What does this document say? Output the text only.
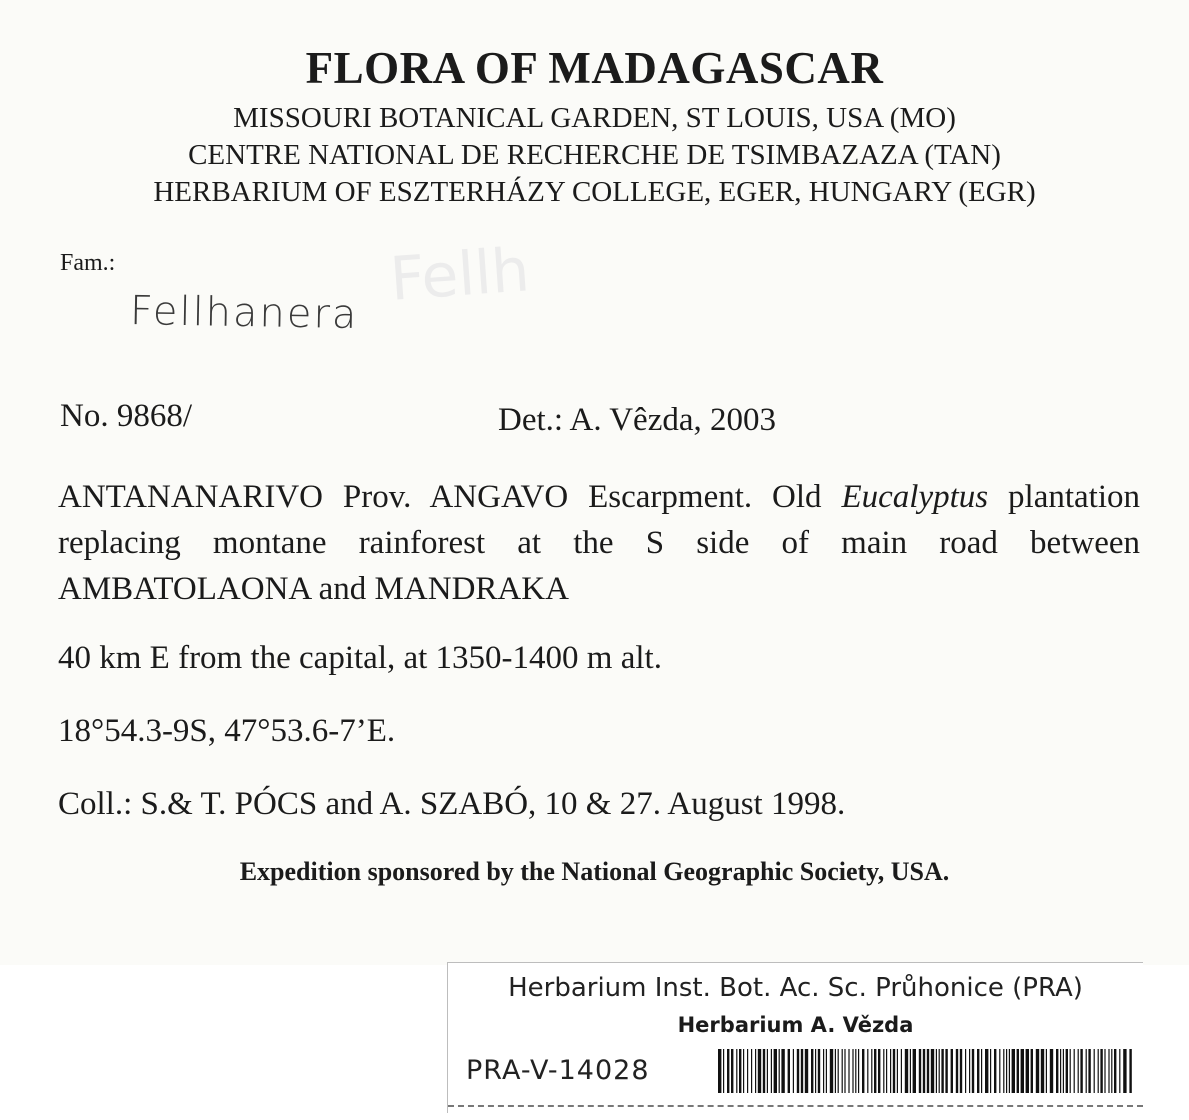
Fellh
FLORA OF MADAGASCAR
MISSOURI BOTANICAL GARDEN, ST LOUIS, USA (MO)
CENTRE NATIONAL DE RECHERCHE DE TSIMBAZAZA (TAN)
HERBARIUM OF ESZTERHÁZY COLLEGE, EGER, HUNGARY (EGR)
Fam.:
Fellhanera
No. 9868/	Det.: A. Vêzda, 2003
ANTANANARIVO Prov. ANGAVO Escarpment. Old Eucalyptus plantation replacing montane rainforest at the S side of main road between AMBATOLAONA and MANDRAKA
40 km E from the capital, at 1350-1400 m alt.
18°54.3-9S, 47°53.6-7’E.
Coll.: S.& T. PÓCS and A. SZABÓ, 10 & 27. August 1998.
Expedition sponsored by the National Geographic Society, USA.
Herbarium Inst. Bot. Ac. Sc. Průhonice (PRA)
Herbarium A. Vězda
PRA-V-14028
